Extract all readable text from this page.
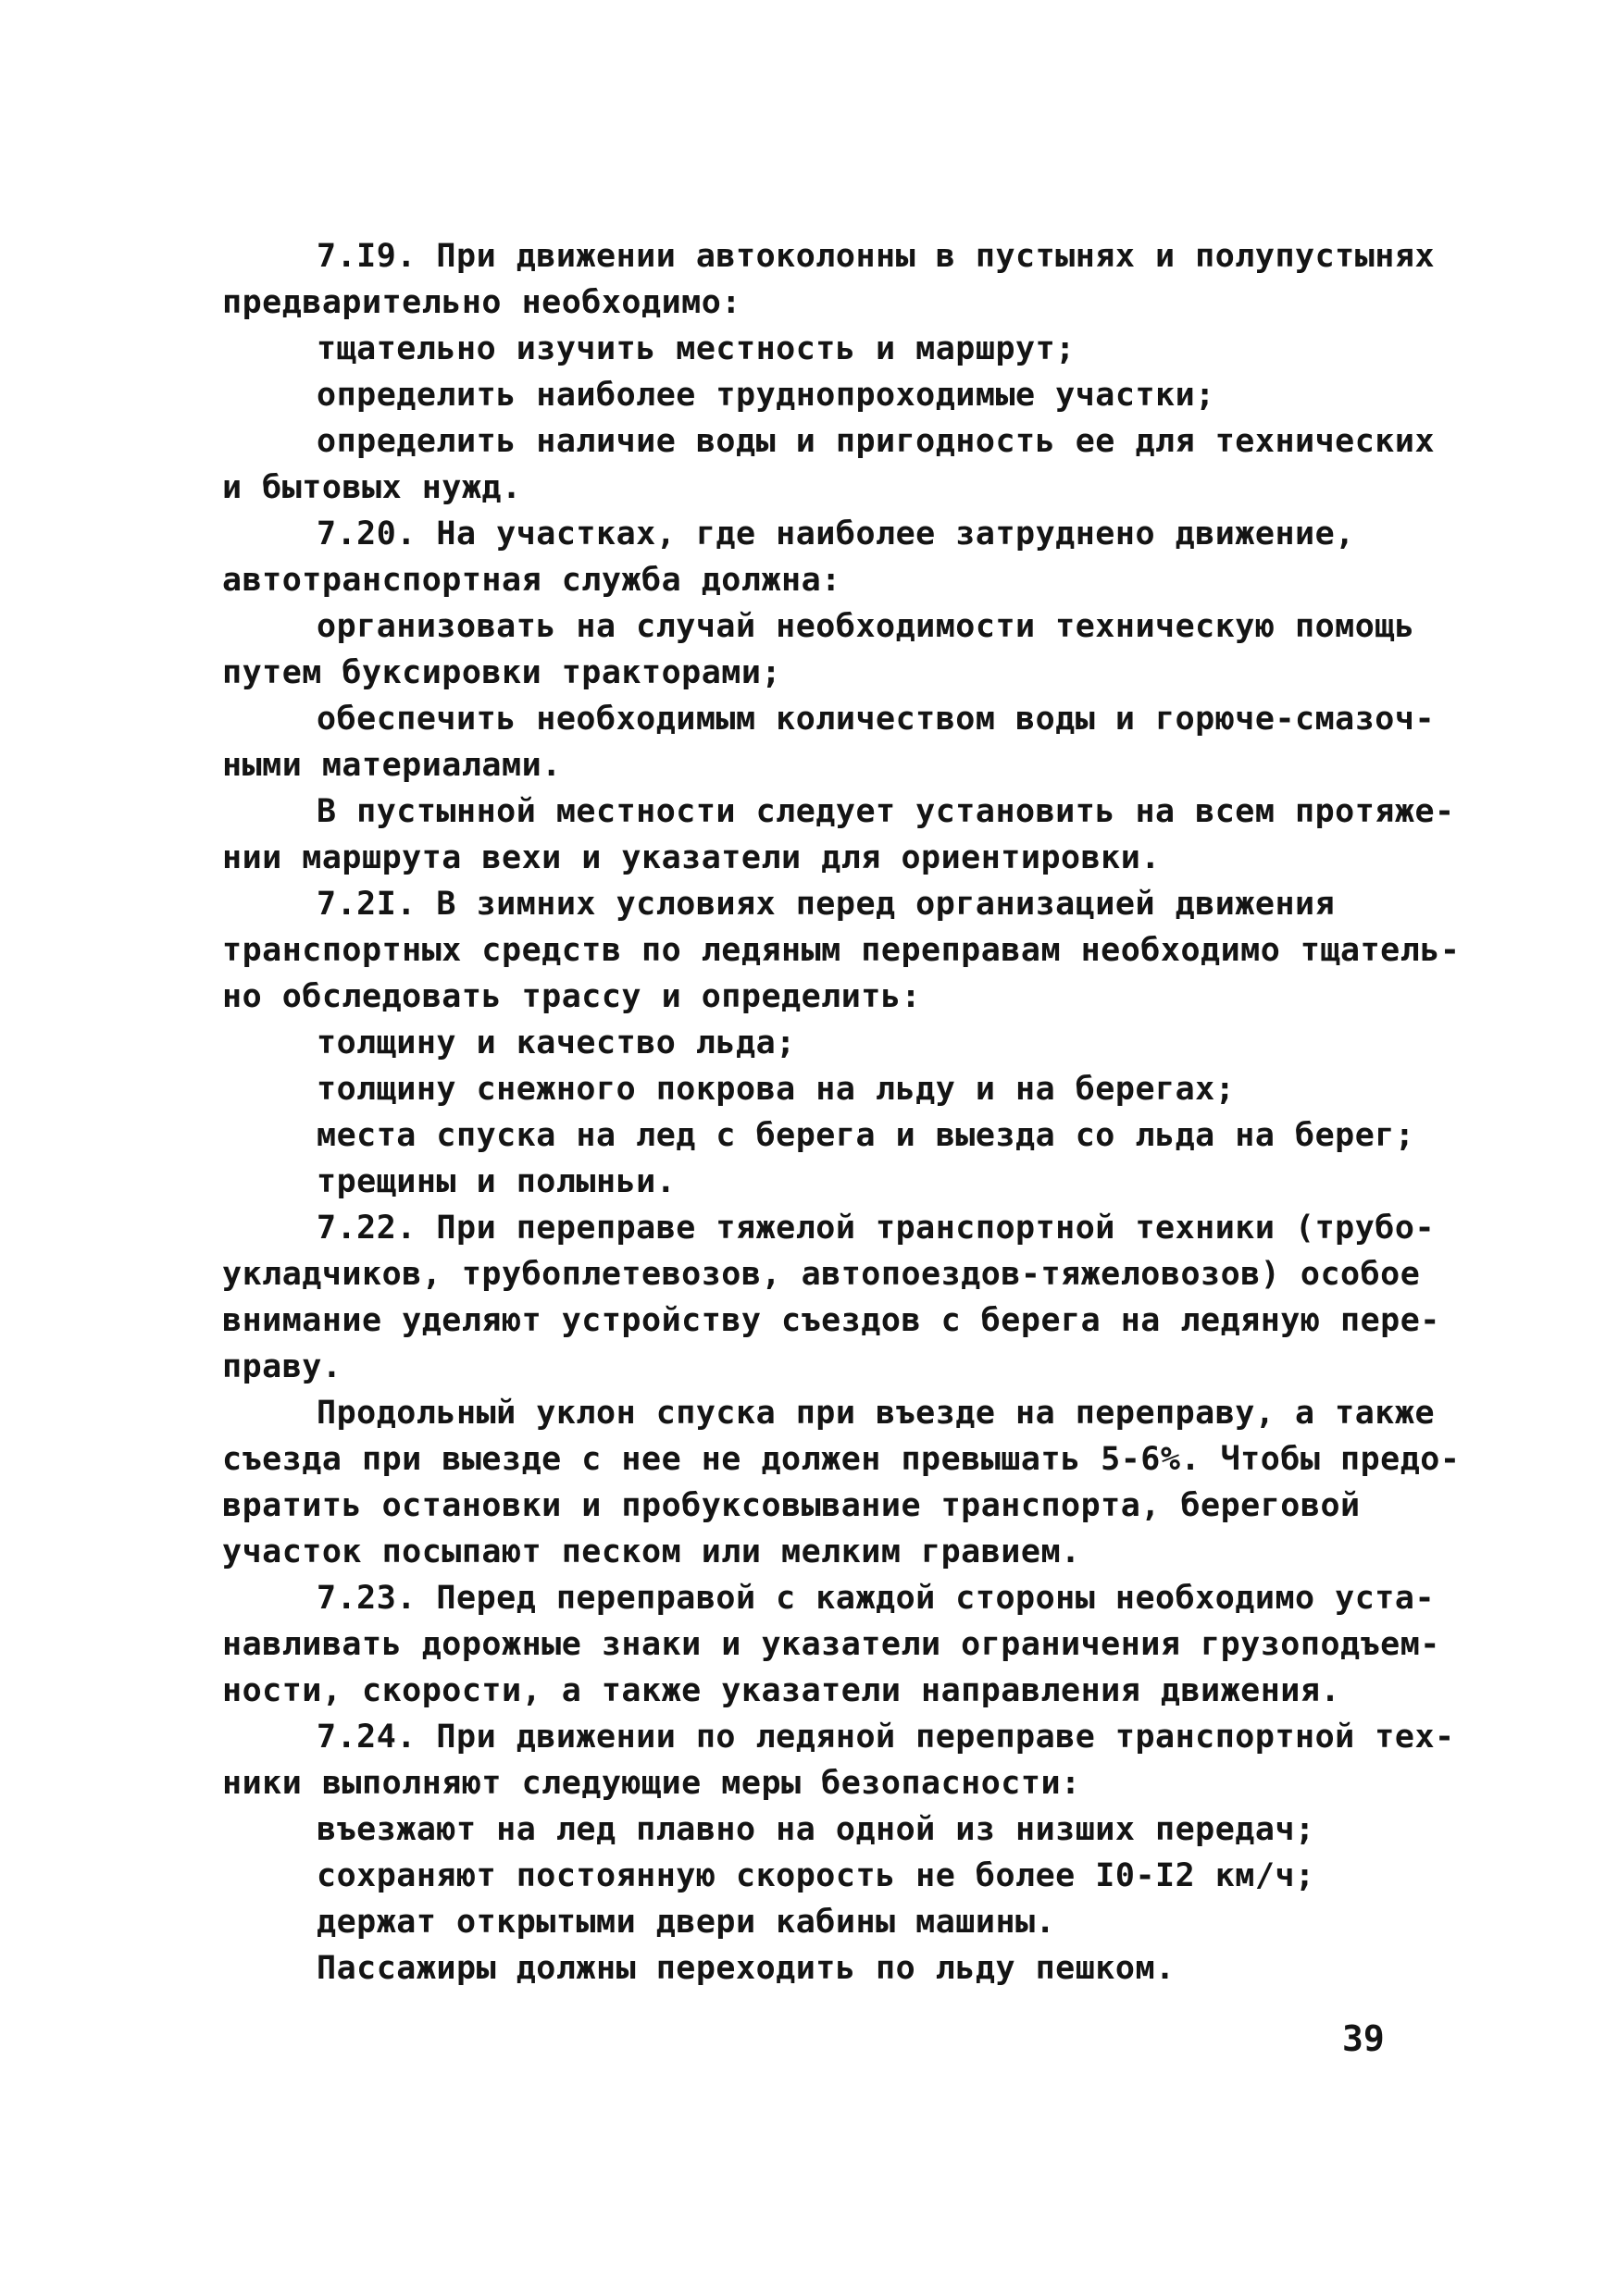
7.I9. При движении автоколонны в пустынях и полупустынях
предварительно необходимо:
тщательно изучить местность и маршрут;
определить наиболее труднопроходимые участки;
определить наличие воды и пригодность ее для технических
и бытовых нужд.
7.20. На участках, где наиболее затруднено движение,
автотранспортная служба должна:
организовать на случай необходимости техническую помощь
путем буксировки тракторами;
обеспечить необходимым количеством воды и горюче-смазоч-
ными материалами.
В пустынной местности следует установить на всем протяже-
нии маршрута вехи и указатели для ориентировки.
7.2I. В зимних условиях перед организацией движения
транспортных средств по ледяным переправам необходимо тщатель-
но обследовать трассу и определить:
толщину и качество льда;
толщину снежного покрова на льду и на берегах;
места спуска на лед с берега и выезда со льда на берег;
трещины и полыньи.
7.22. При переправе тяжелой транспортной техники (трубо-
укладчиков, трубоплетевозов, автопоездов-тяжеловозов) особое
внимание уделяют устройству съездов с берега на ледяную пере-
праву.
Продольный уклон спуска при въезде на переправу, а также
съезда при выезде с нее не должен превышать 5-6%. Чтобы предо-
вратить остановки и пробуксовывание транспорта, береговой
участок посыпают песком или мелким гравием.
7.23. Перед переправой с каждой стороны необходимо уста-
навливать дорожные знаки и указатели ограничения грузоподъем-
ности, скорости, а также указатели направления движения.
7.24. При движении по ледяной переправе транспортной тех-
ники выполняют следующие меры безопасности:
въезжают на лед плавно на одной из низших передач;
сохраняют постоянную скорость не более I0-I2 км/ч;
держат открытыми двери кабины машины.
Пассажиры должны переходить по льду пешком.
39
